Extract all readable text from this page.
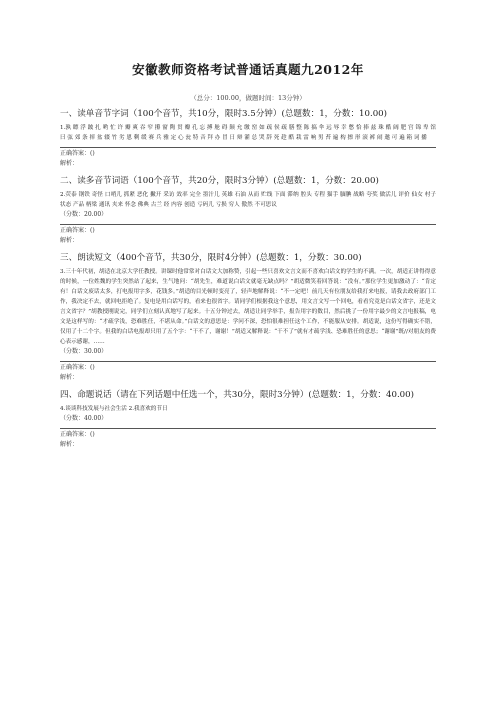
安徽教师资格考试普通话真题九2012年
（总分：100.00，做题时间：13分钟）
一、读单音节字词（100个音节，共10分，限时3.5分钟）(总题数：1，分数：10.00)
1.孰 瞟 浮 跛 扎 哟 忙 许 瓣 爽 吞 窄 攥 窗 陶 贯 瓣 孔 忘 搏 舱 碍 颠 允 缴 窑 如 疏 侯 疏 膳 整 陈 搞 伞 远 辱 幸 憋 恰 捧 兹 珠 酷 阔 肥 宫 锦 卑 馆 曰 弦 郊 条 摔 盆 辍 竹 劣 恩 剩 缓 赛 兵 雅 定 心 瓮 特 音 拜 办 冒 日 辩 灌 总 哭 辞 死 趁 酷 栽 雷 响 男 苔 遍 构 擦 形 滚 裤 闹 邀 可 遍 箱 词 播
正确答案：()
解析：
二、读多音节词语（100个音节，共20分，限时3分钟）(总题数：1，分数：20.00)
2.荧泰 钢铁 奇怪 口哨儿 抓紧 恶化 撇开 采访 效率 完全 墨汁儿 英雄 石油 从而 贮线 下面 滞纳 腔头 专程 猫手 腼腆 战略 夸奖 做活儿 评价 仙女 村子 状态 产品 柄梁 通讯 夹来 怀念 佛典 古兰 经 内容 创造 亏码儿 亏损 穷人 傲然 不可思议
（分数：20.00）
正确答案：()
解析：
三、朗读短文（400个音节，共30分，限时4分钟）(总题数：1，分数：30.00)
3.三十年代初，胡适在北京大学任教授。讲课时他常常对白话文大加称赞，引起一些只喜欢文言文而不喜欢白话文的学生的不满。一次，胡适正讲得得意的时候，一位姓魏的学生突然站了起来，生气地问：“胡先生，难道说白话文就毫无缺点吗？”胡适微笑着回答说：“没有。”那位学生更加激动了：“肯定有！白话文废话太多，打电报用字多，花钱多。”胡适的目光顿时变亮了，轻声地解释说：“不一定吧！前几天有位朋友给我打来电报，请我去政府部门工作，我决定不去，就回电拒绝了。复电是用白话写的，看来也很省字。请同学们根据我这个意思，用文言文写一个回电，看看究竟是白话文省字，还是文言文省字？”胡教授刚说完，同学们立刻认真地写了起来。十五分钟过去，胡适让同学举手，报告用字的数目，然后挑了一份用字最少的文言电报稿，电文是这样写的：“才疏学浅，恐难胜任，不堪从命。”白话文的意思是：学问不深，恐怕很难担任这个工作，不能服从安排。胡适说，这份写得确实不错，仅用了十二个字。但我的白话电报却只用了五个字：“干不了，谢谢！”胡适又解释说：“干不了”就有才疏学浅、恐难胜任的意思；“谢谢”既//对朋友的费心表示感谢，……
（分数：30.00）
正确答案：()
解析：
四、命题说话（请在下列话题中任选一个，共30分，限时3分钟）(总题数：1，分数：40.00)
4.谈谈科技发展与社会生活 2.我喜欢的节日
（分数：40.00）
正确答案：()
解析：
